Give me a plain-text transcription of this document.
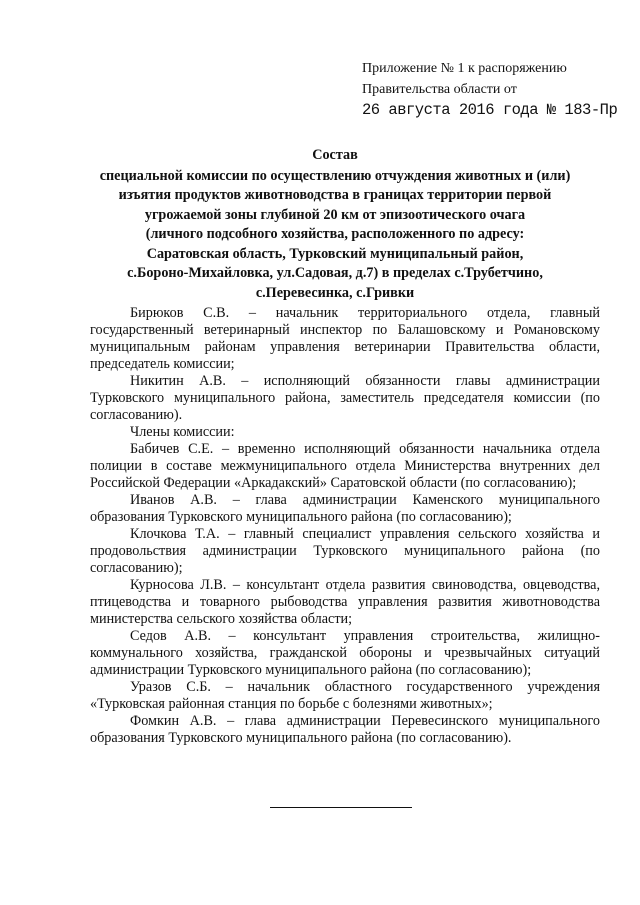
Приложение № 1 к распоряжению
Правительства области от
26 августа 2016 года № 183-Пр
Состав
специальной комиссии по осуществлению отчуждения животных и (или)
изъятия продуктов животноводства в границах территории первой
угрожаемой зоны глубиной 20 км от эпизоотического очага
(личного подсобного хозяйства, расположенного по адресу:
Саратовская область, Турковский муниципальный район,
с.Бороно-Михайловка, ул.Садовая, д.7) в пределах с.Трубетчино,
с.Перевесинка, с.Гривки

Бирюков С.В. – начальник территориального отдела, главный государственный ветеринарный инспектор по Балашовскому и Романовскому муниципальным районам управления ветеринарии Правительства области, председатель комиссии;

Никитин А.В. – исполняющий обязанности главы администрации Турковского муниципального района, заместитель председателя комиссии (по согласованию).

Члены комиссии:

Бабичев С.Е. – временно исполняющий обязанности начальника отдела полиции в составе межмуниципального отдела Министерства внутренних дел Российской Федерации «Аркадакский» Саратовской области (по согласованию);

Иванов А.В. – глава администрации Каменского муниципального образования Турковского муниципального района (по согласованию);

Клочкова Т.А. – главный специалист управления сельского хозяйства и продовольствия администрации Турковского муниципального района (по согласованию);

Курносова Л.В. – консультант отдела развития свиноводства, овцеводства, птицеводства и товарного рыбоводства управления развития животноводства министерства сельского хозяйства области;

Седов А.В. – консультант управления строительства, жилищно-коммунального хозяйства, гражданской обороны и чрезвычайных ситуаций администрации Турковского муниципального района (по согласованию);

Уразов С.Б. – начальник областного государственного учреждения «Турковская районная станция по борьбе с болезнями животных»;

Фомкин А.В. – глава администрации Перевесинского муниципального образования Турковского муниципального района (по согласованию).
